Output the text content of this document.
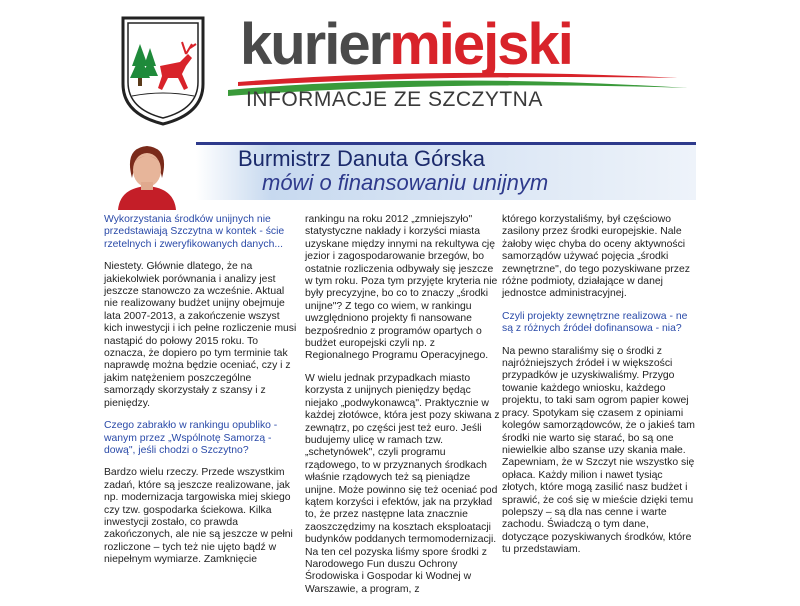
kuriermiejski
INFORMACJE ZE SZCZYTNA
Burmistrz Danuta Górska
mówi o finansowaniu unijnym

Wykorzystania środków unijnych nie przedstawiają Szczytna w kontek - ście rzetelnych i zweryfikowanych danych...

Niestety. Głównie dlatego, że na jakiekolwiek porównania i analizy jest jeszcze stanowczo za wcześnie. Aktual nie realizowany budżet unijny obejmuje lata 2007-2013, a zakończenie wszyst kich inwestycji i ich pełne rozliczenie musi nastąpić do połowy 2015 roku. To oznacza, że dopiero po tym terminie tak naprawdę można będzie oceniać, czy i z jakim natężeniem poszczególne samorządy skorzystały z szansy i z pieniędzy.

Czego zabrakło w rankingu opubliko - wanym przez „Wspólnotę Samorzą - dową", jeśli chodzi o Szczytno?

Bardzo wielu rzeczy. Przede wszystkim zadań, które są jeszcze realizowane, jak np. modernizacja targowiska miej skiego czy tzw. gospodarka ściekowa. Kilka inwestycji zostało, co prawda zakończonych, ale nie są jeszcze w pełni rozliczone – tych też nie ujęto bądź w niepełnym wymiarze. Zamknięcie

rankingu na roku 2012 „zmniejszyło" statystyczne nakłady i korzyści miasta uzyskane między innymi na rekultywa cję jezior i zagospodarowanie brzegów, bo ostatnie rozliczenia odbywały się jeszcze w tym roku. Poza tym przyjęte kryteria nie były precyzyjne, bo co to znaczy „środki unijne"? Z tego co wiem, w rankingu uwzględniono projekty fi nansowane bezpośrednio z programów opartych o budżet europejski czyli np. z Regionalnego Programu Operacyjnego.

W wielu jednak przypadkach miasto korzysta z unijnych pieniędzy będąc niejako „podwykonawcą". Praktycznie w każdej złotówce, która jest pozy skiwana z zewnątrz, po części jest też euro. Jeśli budujemy ulicę w ramach tzw. „schetynówek", czyli programu rządowego, to w przyznanych środkach właśnie rządowych też są pieniądze unijne. Może powinno się też oceniać pod kątem korzyści i efektów, jak na przykład to, że przez następne lata znacznie zaoszczędzimy na kosztach eksploatacji budynków poddanych termomodernizacji. Na ten cel pozyska liśmy spore środki z Narodowego Fun duszu Ochrony Środowiska i Gospodar ki Wodnej w Warszawie, a program, z

którego korzystaliśmy, był częściowo zasilony przez środki europejskie. Nale żałoby więc chyba do oceny aktywności samorządów używać pojęcia „środki zewnętrzne", do tego pozyskiwane przez różne podmioty, działające w danej jednostce administracyjnej.

Czyli projekty zewnętrzne realizowa - ne są z różnych źródeł dofinansowa - nia?

Na pewno staraliśmy się o środki z najróżniejszych źródeł i w większości przypadków je uzyskiwaliśmy. Przygo towanie każdego wniosku, każdego projektu, to taki sam ogrom papier kowej pracy. Spotykam się czasem z opiniami kolegów samorządowców, że o jakieś tam środki nie warto się starać, bo są one niewielkie albo szanse uzy skania małe. Zapewniam, że w Szczyt nie wszystko się opłaca. Każdy milion i nawet tysiąc złotych, które mogą zasilić nasz budżet i sprawić, że coś się w mieście dzięki temu polepszy – są dla nas cenne i warte zachodu. Świadczą o tym dane, dotyczące pozyskiwanych środków, które tu przedstawiam.
